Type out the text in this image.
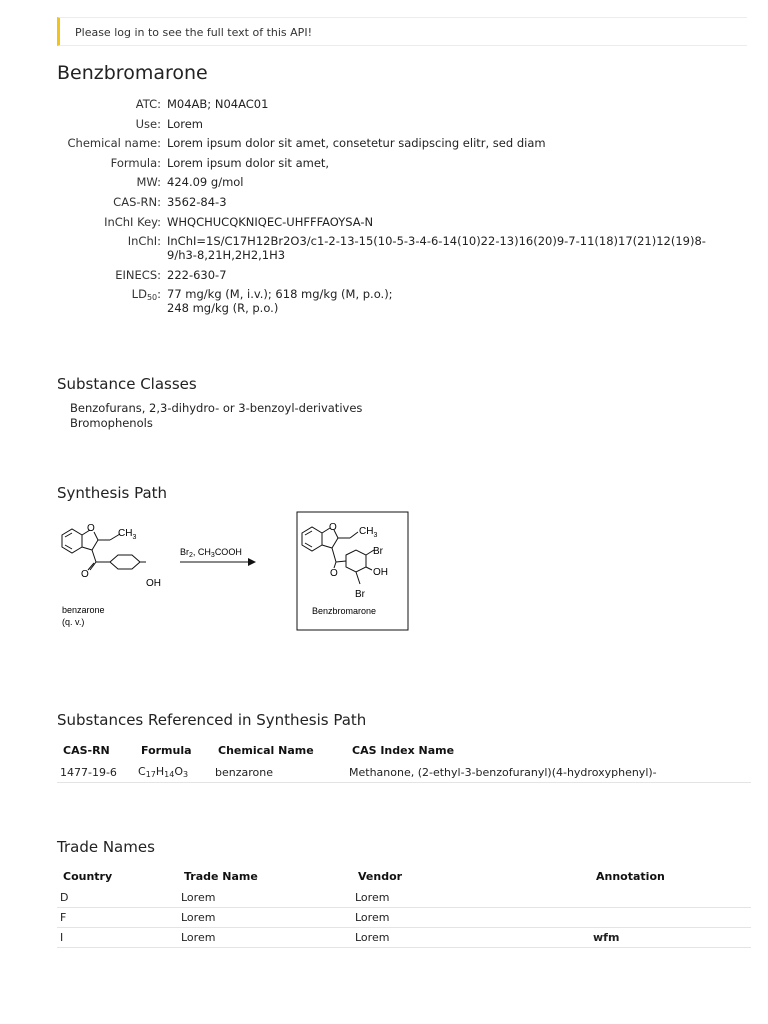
Please log in to see the full text of this API!
Benzbromarone
ATC: M04AB; N04AC01
Use: Lorem
Chemical name: Lorem ipsum dolor sit amet, consetetur sadipscing elitr, sed diam
Formula: Lorem ipsum dolor sit amet,
MW: 424.09 g/mol
CAS-RN: 3562-84-3
InChI Key: WHQCHUCQKNIQEC-UHFFFAOYSA-N
InChI: InChI=1S/C17H12Br2O3/c1-2-13-15(10-5-3-4-6-14(10)22-13)16(20)9-7-11(18)17(21)12(19)8-
9/h3-8,21H,2H2,1H3
EINECS: 222-630-7
$LD_{50}$: 77 mg/kg (M, i.v.); 618 mg/kg (M, p.o.);
248 mg/kg (R, p.o.)
Substance Classes
Benzofurans, 2,3-dihydro- or 3-benzoyl-derivatives
Bromophenols
Synthesis Path
O $CH_3$
O
OH
benzarone
(q. v.)
$Br_2$, $CH_3COOH$
O $CH_3$
O
Br
OH
Br
Benzbromarone
Substances Referenced in Synthesis Path
CAS-RN	Formula	Chemical Name	CAS Index Name
1477-19-6	$C_{17}H_{14}O_3$	benzarone	Methanone, (2-ethyl-3-benzofuranyl)(4-hydroxyphenyl)-
Trade Names
Country	Trade Name	Vendor	Annotation
D	Lorem	Lorem	
F	Lorem	Lorem	
I	Lorem	Lorem	wfm
